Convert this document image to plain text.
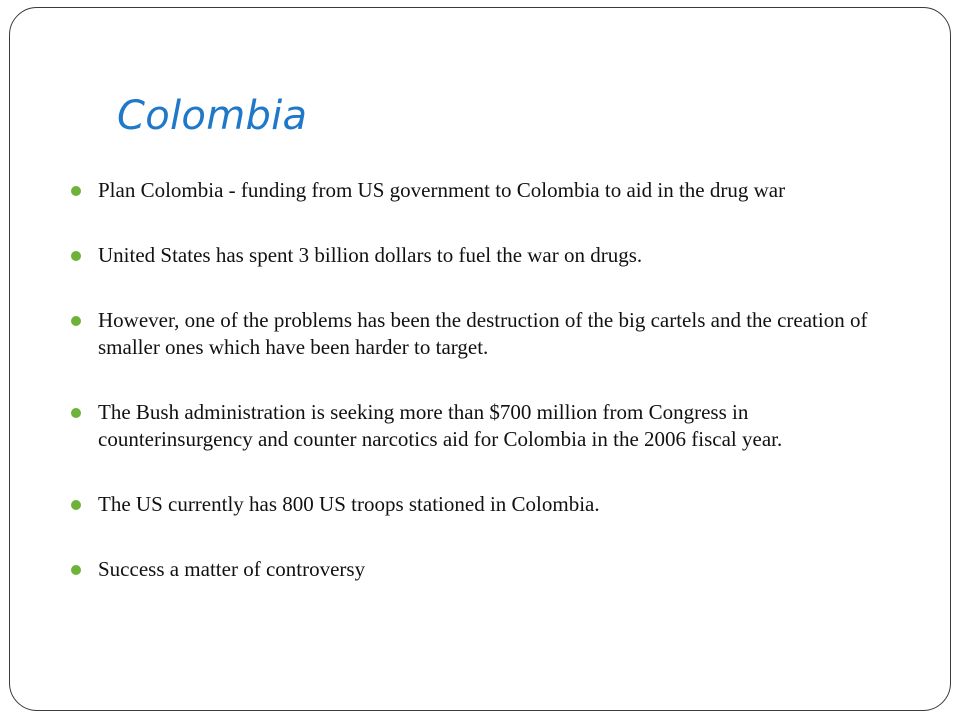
Colombia
Plan Colombia - funding from US government to Colombia to aid in the drug war
United States has spent 3 billion dollars to fuel the war on drugs.
However, one of the problems has been the destruction of the big cartels and the creation of smaller ones which have been harder to target.
The Bush administration is seeking more than $700 million from Congress in counterinsurgency and counter narcotics aid for Colombia in the 2006 fiscal year.
The US currently has 800 US troops stationed in Colombia.
Success a matter of controversy
